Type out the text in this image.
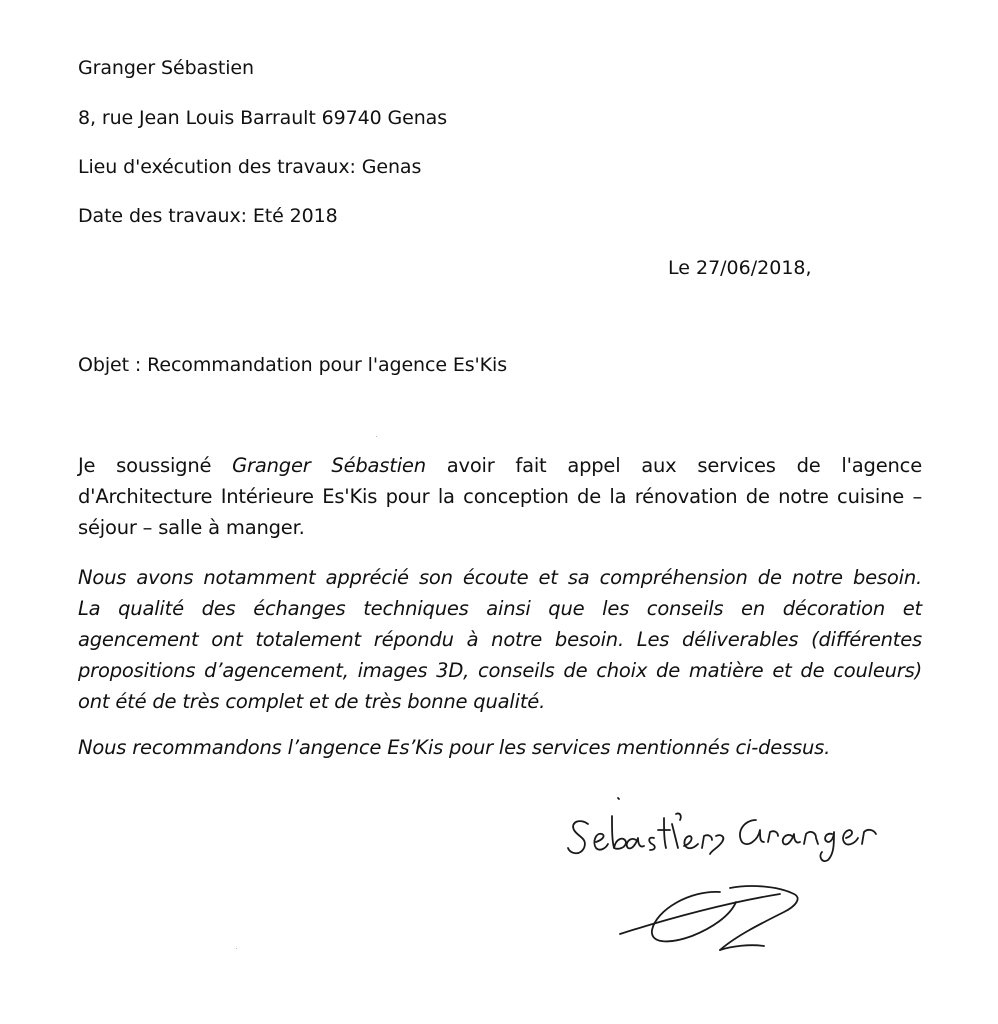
Granger Sébastien
8, rue Jean Louis Barrault 69740 Genas
Lieu d'exécution des travaux: Genas
Date des travaux: Eté 2018
Le 27/06/2018,
Objet : Recommandation pour l'agence Es'Kis
Je soussigné Granger Sébastien avoir fait appel aux services de l'agence
d'Architecture Intérieure Es'Kis pour la conception de la rénovation de notre cuisine –
séjour – salle à manger.
Nous avons notamment apprécié son écoute et sa compréhension de notre besoin.
La qualité des échanges techniques ainsi que les conseils en décoration et
agencement ont totalement répondu à notre besoin. Les déliverables (différentes
propositions d’agencement, images 3D, conseils de choix de matière et de couleurs)
ont été de très complet et de très bonne qualité.
Nous recommandons l’angence Es’Kis pour les services mentionnés ci-dessus.
